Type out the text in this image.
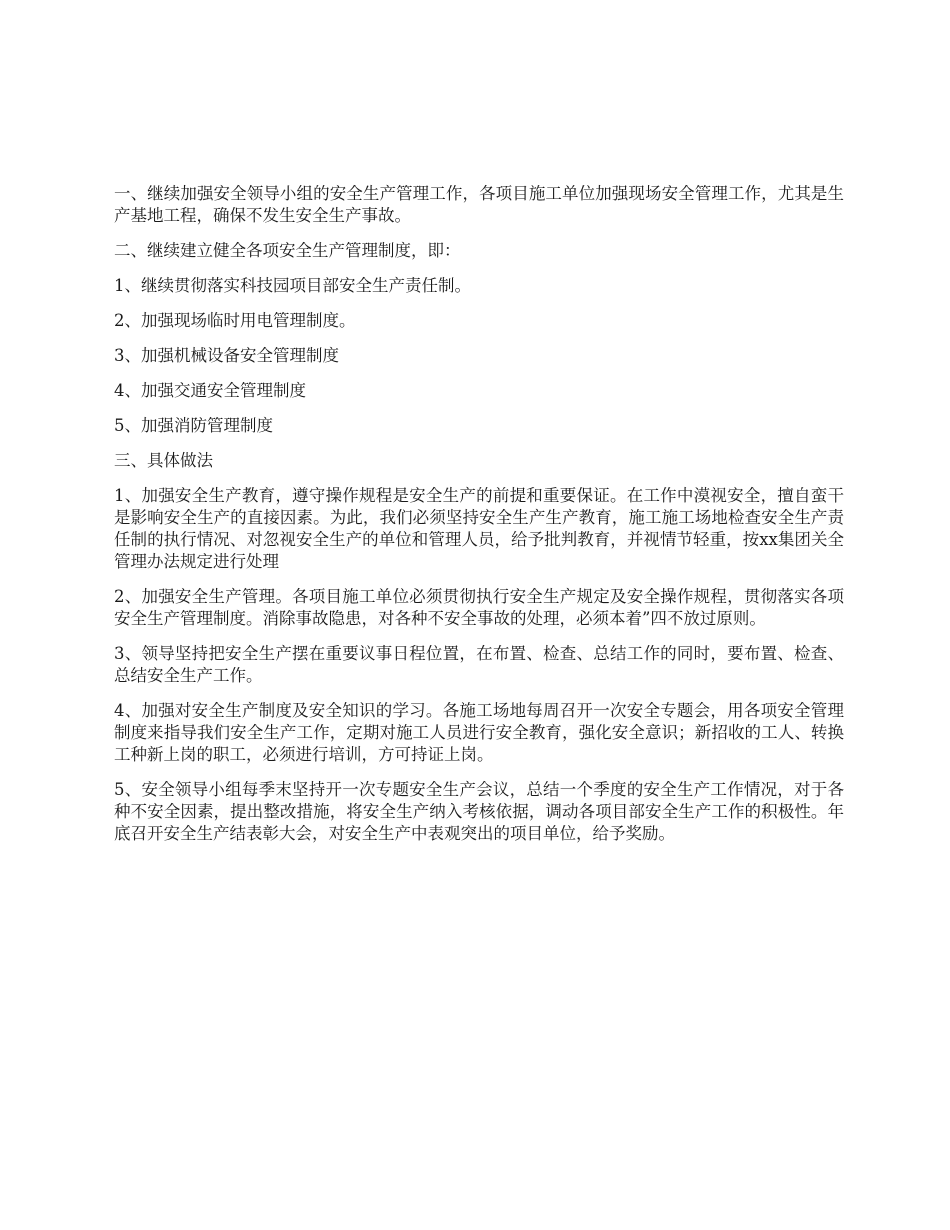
一、继续加强安全领导小组的安全生产管理工作，各项目施工单位加强现场安全管理工作，尤其是生产基地工程，确保不发生安全生产事故。

二、继续建立健全各项安全生产管理制度，即：

1、继续贯彻落实科技园项目部安全生产责任制。

2、加强现场临时用电管理制度。

3、加强机械设备安全管理制度

4、加强交通安全管理制度

5、加强消防管理制度

三、具体做法

1、加强安全生产教育，遵守操作规程是安全生产的前提和重要保证。在工作中漠视安全，擅自蛮干是影响安全生产的直接因素。为此，我们必须坚持安全生产生产教育，施工施工场地检查安全生产责任制的执行情况、对忽视安全生产的单位和管理人员，给予批判教育，并视情节轻重，按xx集团关全管理办法规定进行处理

2、加强安全生产管理。各项目施工单位必须贯彻执行安全生产规定及安全操作规程，贯彻落实各项安全生产管理制度。消除事故隐患，对各种不安全事故的处理，必须本着”四不放过原则。

3、领导坚持把安全生产摆在重要议事日程位置，在布置、检查、总结工作的同时，要布置、检查、总结安全生产工作。

4、加强对安全生产制度及安全知识的学习。各施工场地每周召开一次安全专题会，用各项安全管理制度来指导我们安全生产工作，定期对施工人员进行安全教育，强化安全意识；新招收的工人、转换工种新上岗的职工，必须进行培训，方可持证上岗。

5、安全领导小组每季末坚持开一次专题安全生产会议，总结一个季度的安全生产工作情况，对于各种不安全因素，提出整改措施，将安全生产纳入考核依据，调动各项目部安全生产工作的积极性。年底召开安全生产结表彰大会，对安全生产中表观突出的项目单位，给予奖励。
